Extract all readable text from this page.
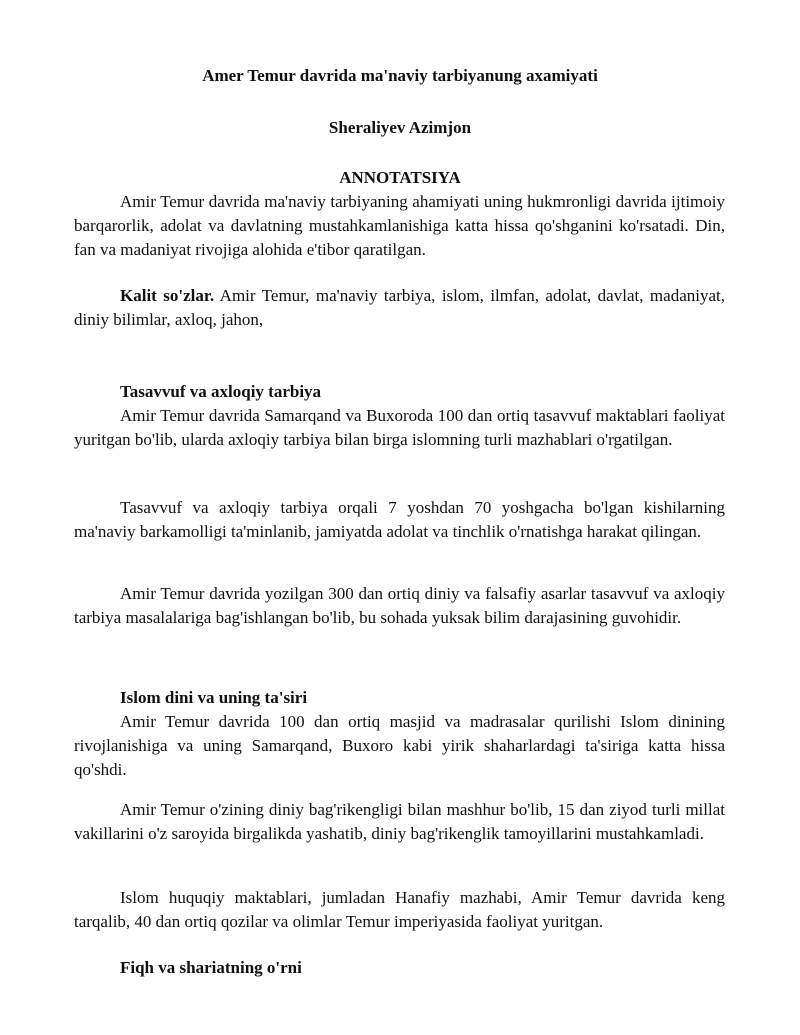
Amer Temur davrida ma'naviy tarbiyanung axamiyati
Sheraliyev Azimjon
ANNOTATSIYA
Amir Temur davrida ma'naviy tarbiyaning ahamiyati uning hukmronligi davrida ijtimoiy barqarorlik, adolat va davlatning mustahkamlanishiga katta hissa qo'shganini ko'rsatadi. Din, fan va madaniyat rivojiga alohida e'tibor qaratilgan.
Kalit so'zlar. Amir Temur, ma'naviy tarbiya, islom, ilmfan, adolat, davlat, madaniyat, diniy bilimlar, axloq, jahon,
Tasavvuf va axloqiy tarbiya
Amir Temur davrida Samarqand va Buxoroda 100 dan ortiq tasavvuf maktablari faoliyat yuritgan bo'lib, ularda axloqiy tarbiya bilan birga islomning turli mazhablari o'rgatilgan.
Tasavvuf va axloqiy tarbiya orqali 7 yoshdan 70 yoshgacha bo'lgan kishilarning ma'naviy barkamolligi ta'minlanib, jamiyatda adolat va tinchlik o'rnatishga harakat qilingan.
Amir Temur davrida yozilgan 300 dan ortiq diniy va falsafiy asarlar tasavvuf va axloqiy tarbiya masalalariga bag'ishlangan bo'lib, bu sohada yuksak bilim darajasining guvohidir.
Islom dini va uning ta'siri
Amir Temur davrida 100 dan ortiq masjid va madrasalar qurilishi Islom dinining rivojlanishiga va uning Samarqand, Buxoro kabi yirik shaharlardagi ta'siriga katta hissa qo'shdi.
Amir Temur o'zining diniy bag'rikengligi bilan mashhur bo'lib, 15 dan ziyod turli millat vakillarini o'z saroyida birgalikda yashatib, diniy bag'rikenglik tamoyillarini mustahkamladi.
Islom huquqiy maktablari, jumladan Hanafiy mazhabi, Amir Temur davrida keng tarqalib, 40 dan ortiq qozilar va olimlar Temur imperiyasida faoliyat yuritgan.
Fiqh va shariatning o'rni
